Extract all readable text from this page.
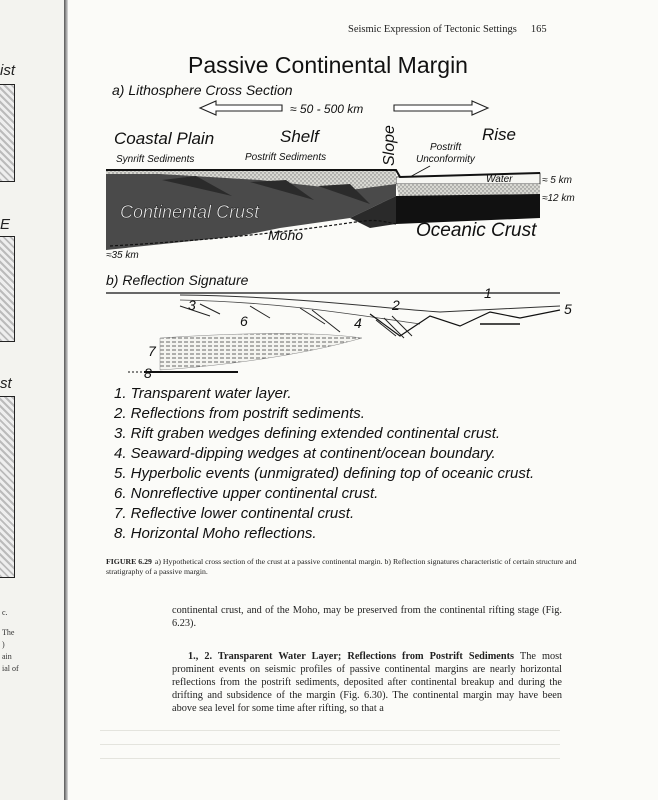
ist
E
st
c.
The
)
ain
ial of
Seismic Expression of Tectonic Settings 165
Passive Continental Margin
a) Lithosphere Cross Section
b) Reflection Signature
≈ 50 - 500 km
Coastal Plain	Shelf	Slope	Rise
Synrift Sediments	Postrift Sediments
Postrift
Unconformity
Continental Crust
Moho	Oceanic Crust
Water	≈ 5 km
≈12 km
≈35 km
3
1
2	5
6	4
7
8
1. Transparent water layer.
2. Reflections from postrift sediments.
3. Rift graben wedges defining extended continental crust.
4. Seaward-dipping wedges at continent/ocean boundary.
5. Hyperbolic events (unmigrated) defining top of oceanic crust.
6. Nonreflective upper continental crust.
7. Reflective lower continental crust.
8. Horizontal Moho reflections.
FIGURE 6.29 a) Hypothetical cross section of the crust at a passive continental margin. b) Reflection signatures characteristic of certain structure and stratigraphy of a passive margin.

continental crust, and of the Moho, may be preserved from the continental rifting stage (Fig. 6.23).

1., 2. Transparent Water Layer; Reflections from Postrift Sediments The most prominent events on seismic profiles of passive continental margins are nearly horizontal reflections from the postrift sediments, deposited after continental breakup and during the drifting and subsidence of the margin (Fig. 6.30). The continental margin may have been above sea level for some time after rifting, so that a
